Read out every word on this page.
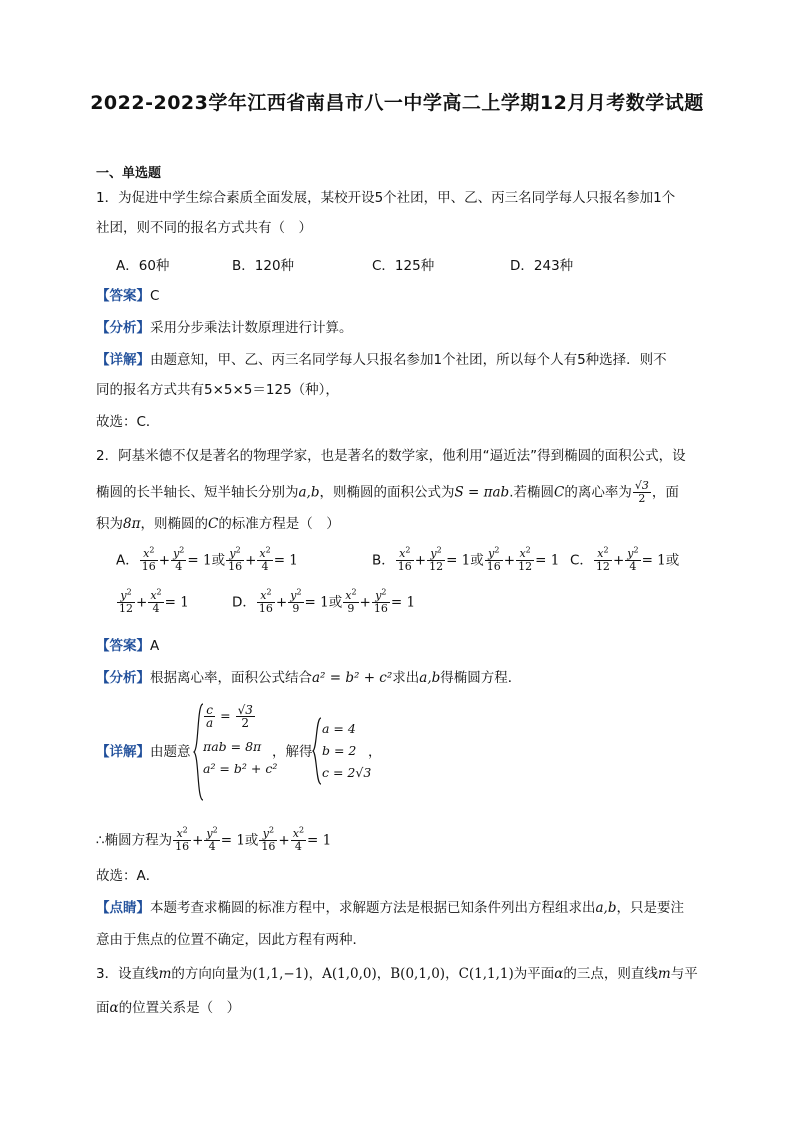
2022-2023学年江西省南昌市八一中学高二上学期12月月考数学试题
一、单选题
1．为促进中学生综合素质全面发展，某校开设5个社团，甲、乙、丙三名同学每人只报名参加1个
社团，则不同的报名方式共有（　）
A．60种	B．120种	C．125种	D．243种
【答案】C
【分析】采用分步乘法计数原理进行计算。
【详解】由题意知，甲、乙、丙三名同学每人只报名参加1个社团，所以每个人有5种选择．则不
同的报名方式共有5×5×5＝125（种），
故选：C．
2．阿基米德不仅是著名的物理学家，也是著名的数学家，他利用“逼近法”得到椭圆的面积公式，设
椭圆的长半轴长、短半轴长分别为a,b，则椭圆的面积公式为S = πab.若椭圆C的离心率为 $\frac{√3}{2}$ ，面
积为8π，则椭圆的C的标准方程是（　）
A． $\frac{x^2}{16} + \frac{y^2}{4} = 1$或 $\frac{y^2}{16} + \frac{x^2}{4} = 1$	B． $\frac{x^2}{16} + \frac{y^2}{12} = 1$或 $\frac{y^2}{16} + \frac{x^2}{12} = 1$ C． $\frac{x^2}{12} + \frac{y^2}{4} = 1$或
$\frac{y^2}{12} + \frac{x^2}{4} = 1$	D． $\frac{x^2}{16} + \frac{y^2}{9} = 1$或 $\frac{x^2}{9} + \frac{y^2}{16} = 1$
【答案】A
【分析】根据离心率，面积公式结合a² = b² + c²求出a,b得椭圆方程．
【详解】由题意
$\frac{c}{a} = \frac{√3}{2}$
πab = 8π
a² = b² + c²
，解得
a = 4
b = 2
c = 2√3
，
∴椭圆方程为 $\frac{x^2}{16} + \frac{y^2}{4} = 1$或 $\frac{y^2}{16} + \frac{x^2}{4} = 1$
故选：A．
【点睛】本题考查求椭圆的标准方程中，求解题方法是根据已知条件列出方程组求出a,b，只是要注
意由于焦点的位置不确定，因此方程有两种．
3．设直线m的方向向量为(1,1,−1)，A(1,0,0)，B(0,1,0)，C(1,1,1)为平面α的三点，则直线m与平
面α的位置关系是（　）
